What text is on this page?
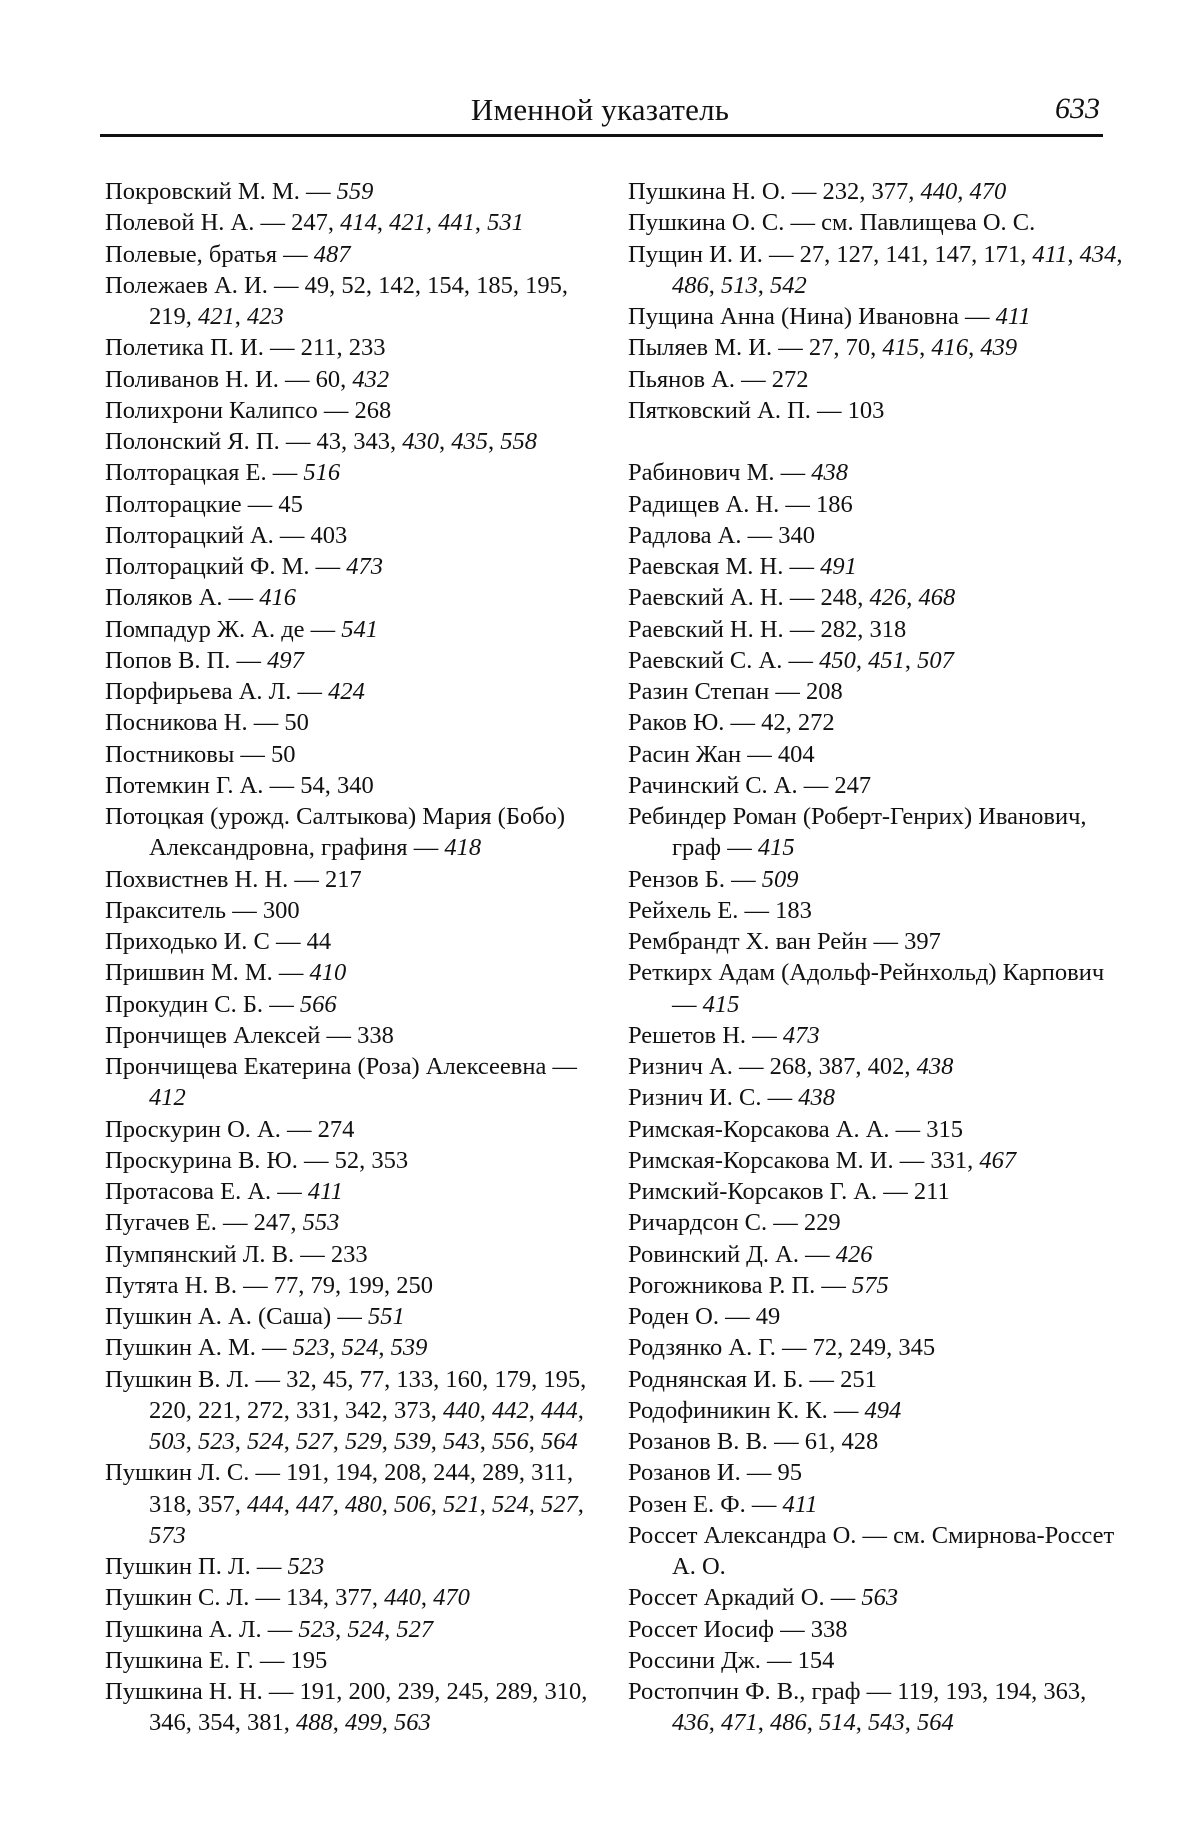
Именной указатель	633
Покровский М. М. — 559
Полевой Н. А. — 247, 414, 421, 441, 531
Полевые, братья — 487
Полежаев А. И. — 49, 52, 142, 154, 185, 195, 219, 421, 423
Полетика П. И. — 211, 233
Поливанов Н. И. — 60, 432
Полихрони Калипсо — 268
Полонский Я. П. — 43, 343, 430, 435, 558
Полторацкая Е. — 516
Полторацкие — 45
Полторацкий А. — 403
Полторацкий Ф. М. — 473
Поляков А. — 416
Помпадур Ж. А. де — 541
Попов В. П. — 497
Порфирьева А. Л. — 424
Посникова Н. — 50
Постниковы — 50
Потемкин Г. А. — 54, 340
Потоцкая (урожд. Салтыкова) Мария (Бобо) Александровна, графиня — 418
Похвистнев Н. Н. — 217
Пракситель — 300
Приходько И. С — 44
Пришвин М. М. — 410
Прокудин С. Б. — 566
Прончищев Алексей — 338
Прончищева Екатерина (Роза) Алексеевна — 412
Проскурин О. А. — 274
Проскурина В. Ю. — 52, 353
Протасова Е. А. — 411
Пугачев Е. — 247, 553
Пумпянский Л. В. — 233
Путята Н. В. — 77, 79, 199, 250
Пушкин А. А. (Саша) — 551
Пушкин А. М. — 523, 524, 539
Пушкин В. Л. — 32, 45, 77, 133, 160, 179, 195, 220, 221, 272, 331, 342, 373, 440, 442, 444, 503, 523, 524, 527, 529, 539, 543, 556, 564
Пушкин Л. С. — 191, 194, 208, 244, 289, 311, 318, 357, 444, 447, 480, 506, 521, 524, 527, 573
Пушкин П. Л. — 523
Пушкин С. Л. — 134, 377, 440, 470
Пушкина А. Л. — 523, 524, 527
Пушкина Е. Г. — 195
Пушкина Н. Н. — 191, 200, 239, 245, 289, 310, 346, 354, 381, 488, 499, 563
Пушкина Н. О. — 232, 377, 440, 470
Пушкина О. С. — см. Павлищева О. С.
Пущин И. И. — 27, 127, 141, 147, 171, 411, 434, 486, 513, 542
Пущина Анна (Нина) Ивановна — 411
Пыляев М. И. — 27, 70, 415, 416, 439
Пьянов А. — 272
Пятковский А. П. — 103
Рабинович М. — 438
Радищев А. Н. — 186
Радлова А. — 340
Раевская М. Н. — 491
Раевский А. Н. — 248, 426, 468
Раевский Н. Н. — 282, 318
Раевский С. А. — 450, 451, 507
Разин Степан — 208
Раков Ю. — 42, 272
Расин Жан — 404
Рачинский С. А. — 247
Ребиндер Роман (Роберт-Генрих) Иванович, граф — 415
Рензов Б. — 509
Рейхель Е. — 183
Рембрандт X. ван Рейн — 397
Реткирх Адам (Адольф-Рейнхольд) Карпович — 415
Решетов Н. — 473
Ризнич А. — 268, 387, 402, 438
Ризнич И. С. — 438
Римская-Корсакова А. А. — 315
Римская-Корсакова М. И. — 331, 467
Римский-Корсаков Г. А. — 211
Ричардсон С. — 229
Ровинский Д. А. — 426
Рогожникова Р. П. — 575
Роден О. — 49
Родзянко А. Г. — 72, 249, 345
Роднянская И. Б. — 251
Родофиникин К. К. — 494
Розанов В. В. — 61, 428
Розанов И. — 95
Розен Е. Ф. — 411
Россет Александра О. — см. Смирнова-Россет А. О.
Россет Аркадий О. — 563
Россет Иосиф — 338
Россини Дж. — 154
Ростопчин Ф. В., граф — 119, 193, 194, 363, 436, 471, 486, 514, 543, 564
